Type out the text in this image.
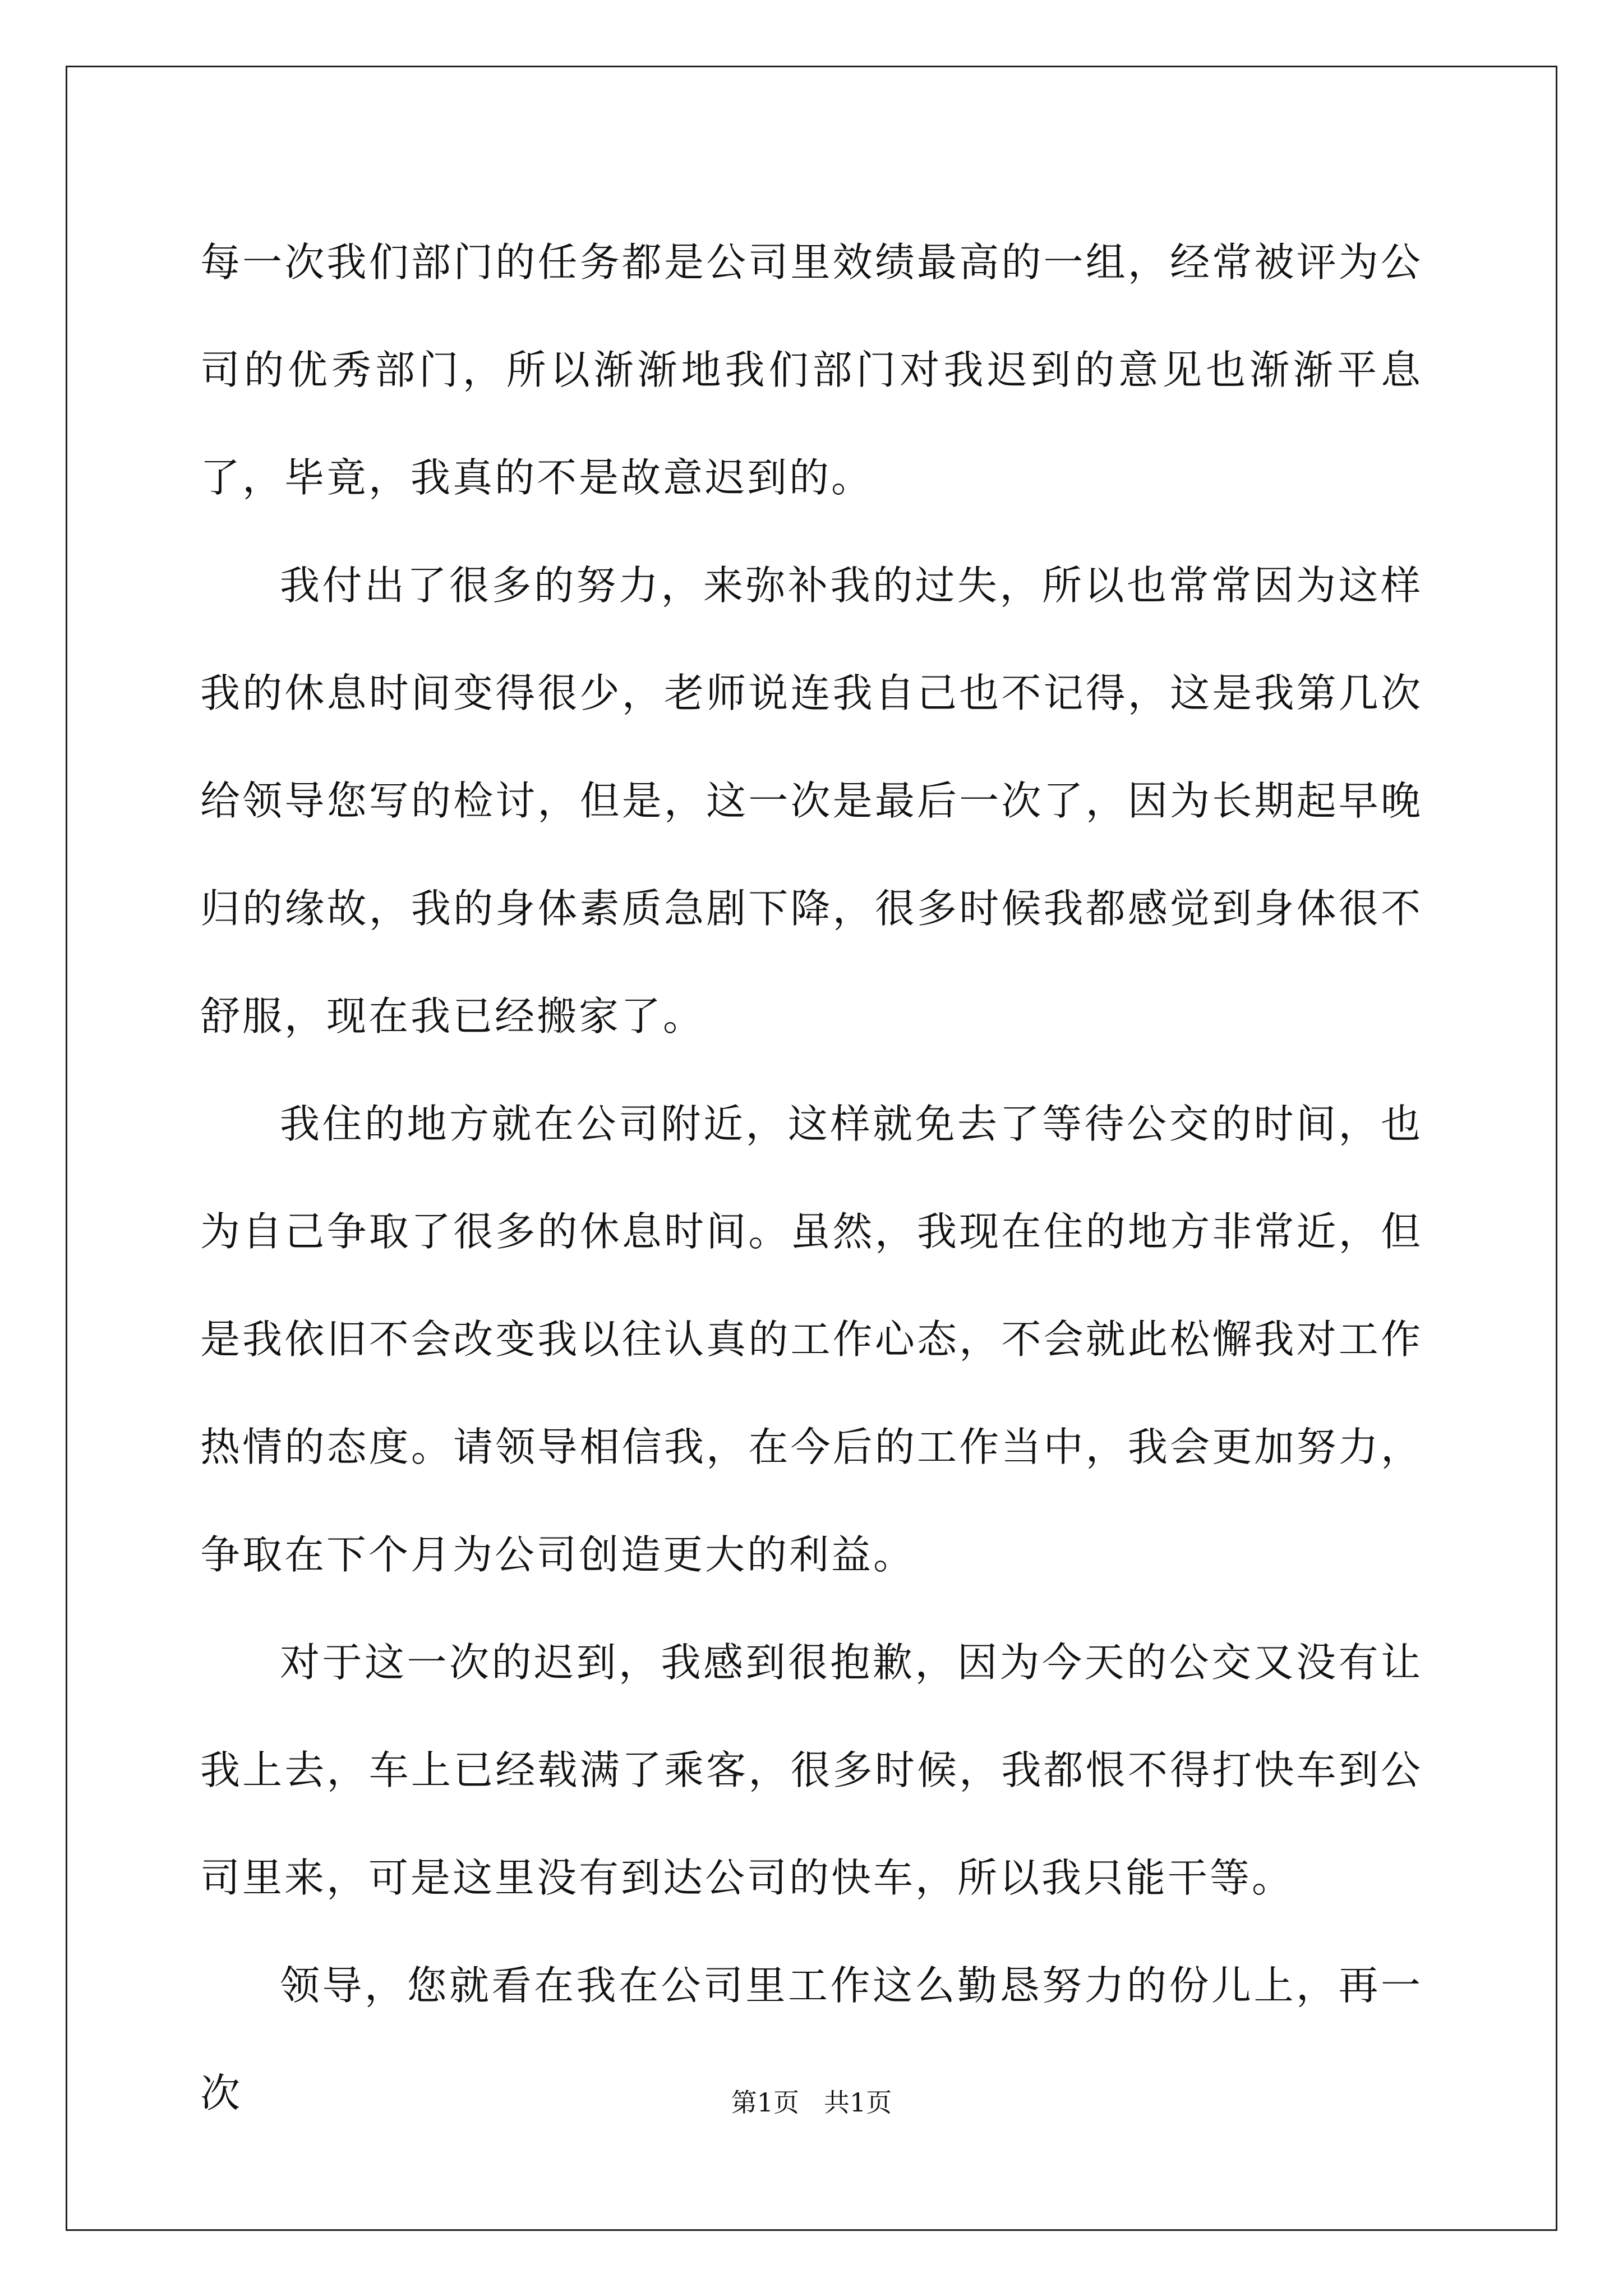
每一次我们部门的任务都是公司里效绩最高的一组，经常被评为公司的优秀部门，所以渐渐地我们部门对我迟到的意见也渐渐平息了，毕竟，我真的不是故意迟到的。

我付出了很多的努力，来弥补我的过失，所以也常常因为这样我的休息时间变得很少，老师说连我自己也不记得，这是我第几次给领导您写的检讨，但是，这一次是最后一次了，因为长期起早晚归的缘故，我的身体素质急剧下降，很多时候我都感觉到身体很不舒服，现在我已经搬家了。

我住的地方就在公司附近，这样就免去了等待公交的时间，也为自己争取了很多的休息时间。虽然，我现在住的地方非常近，但是我依旧不会改变我以往认真的工作心态，不会就此松懈我对工作热情的态度。请领导相信我，在今后的工作当中，我会更加努力，争取在下个月为公司创造更大的利益。

对于这一次的迟到，我感到很抱歉，因为今天的公交又没有让我上去，车上已经载满了乘客，很多时候，我都恨不得打快车到公司里来，可是这里没有到达公司的快车，所以我只能干等。

领导，您就看在我在公司里工作这么勤恳努力的份儿上，再一次	第1页 共1页
